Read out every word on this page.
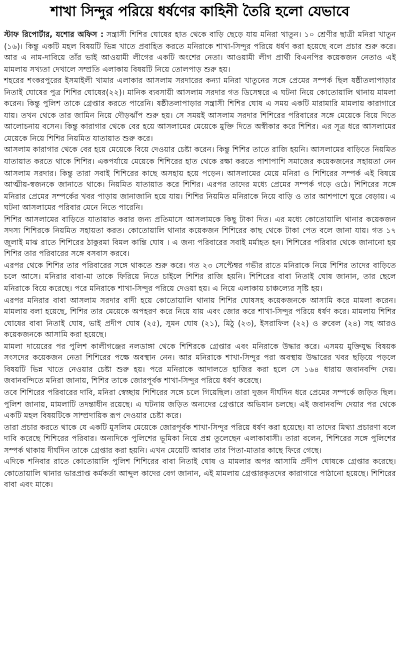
শাখা সিন্দুর পরিয়ে ধর্ষণের কাহিনী তৈরি হলো যেভাবে

স্টাফ রিপোর্টার, যশোর অফিস : সন্ত্রাসী শিশির ঘোষের হাত থেকে বাড়ি ছেড়ে যায় মনিরা খাতুন। ১০ শ্রেণীর ছাত্রী মনিরা খাতুন (১৬)। কিন্তু একটি মহল বিষয়টি ভিন্ন খাতে প্রবাহিত করতে মনিরাকে শাখা-সিন্দুর পরিয়ে ধর্ষণ করা হয়েছে বলে প্রচার শুরু করে। আর এ নাম-দাবিয়ে তাঁর ভাই আওয়ামী লীগের একটি অংশের নেতা। আওয়ামী লীগ প্রার্থী বিএনপির কয়েকজন নেতাও এই মামলায় সখ্যতা দেখালে সম্প্রতি এলাকায় বিষয়টি নিয়ে তোলপাড় শুরু হয়।

শহরের শংকরপুরের ইসমাইলী খামার এলাকার আসলাম সরদারের কন্যা মনিরা খাতুনের সঙ্গে প্রেমের সম্পর্ক ছিল ষষ্ঠীতলাপাড়ার নিতাই ঘোষের পুত্র শিশির ঘোষের(২২)। মানিক ব্যবসায়ী আসলাম সরদার গত ডিসেম্বরে এ ঘটনা নিয়ে কোতোয়ালি থানায় মামলা করেন। কিন্তু পুলিশ তাকে গ্রেপ্তার করতে পারেনি। ষষ্ঠীতলাপাড়ার সন্ত্রাসী শিশির ঘোষ এ সময় একটি মারামারি মামলায় কারাগারে যায়। তখন থেকে তার জামিন নিয়ে দৌড়ঝাঁপ শুরু হয়। সে সময়ই আসলাম সরদার শিশিরের পরিবারের সঙ্গে মেয়েকে বিয়ে দিতে আলোচনায় বসেন। কিন্তু কারাগার থেকে বের হয়ে আসলামের মেয়েকে মুক্তি দিতে অস্বীকার করে শিশির। এর সূত্র ধরে আসলামের মেয়েকে নিয়ে শিশির নিয়মিত যাতায়াত শুরু করে।

আসলাম কারাগার থেকে বের হয়ে মেয়েকে বিয়ে দেওয়ার চেষ্টা করেন। কিন্তু শিশির তাতে রাজি হয়নি। আসলামের বাড়িতে নিয়মিত যাতায়াত করতে থাকে শিশির। একপর্যায়ে মেয়েকে শিশিরের হাত থেকে রক্ষা করতে পাশাপাশি সমাজের কয়েকজনের সহায়তা নেন আসলাম সরদার। কিন্তু তারা সবাই শিশিরের কাছে অসহায় হয়ে পড়েন। আসলামের মেয়ে মনিরা ও শিশিরের সম্পর্ক এই বিষয়ে আত্মীয়-স্বজনকে জানাতে থাকে। নিয়মিত যাতায়াত করে শিশির। এরপর তাদের মধ্যে প্রেমের সম্পর্ক গড়ে ওঠে। শিশিরের সঙ্গে মনিরার প্রেমের সম্পর্কের খবর পাড়ায় জানাজানি হয়ে যায়। শিশির নিয়মিত মনিরাকে নিয়ে বাড়ি ও তার আশপাশে ঘুরে বেড়ায়। এ ঘটনা আসলামের পরিবার মেনে নিতে পারেনি।

শিশির আসলামের বাড়িতে যাতায়াত করার জন্য প্রতিমাসে আসলামকে কিছু টাকা দিত। এর মধ্যে কোতোয়ালি থানার কয়েকজন সদস্য শিশিরকে নিয়মিত সহায়তা করত। কোতোয়ালি থানার কয়েকজন শিশিরের কাছ থেকে টাকা পেত বলে জানা যায়। গত ১৭ জুলাই মাঝ রাতে শিশিরের ঠাকুরমা বিমল কান্তি ঘোষ । এ জন্য পরিবারের সবাই মর্মাহত হন। শিশিরের পরিবার থেকে জানানো হয় শিশির তার পরিবারের সঙ্গে বসবাস করবে।

এরপর থেকে শিশির তার পরিবারের সঙ্গে থাকতে শুরু করে। গত ২৩ সেপ্টেম্বর গভীর রাতে মনিরাকে নিয়ে শিশির তাদের বাড়িতে চলে আসে। মনিরার বাবা-মা তাকে ফিরিয়ে নিতে চাইলে শিশির রাজি হয়নি। শিশিরের বাবা নিতাই ঘোষ জানান, তার ছেলে মনিরাকে বিয়ে করেছে। পরে মনিরাকে শাখা-সিন্দুর পরিয়ে দেওয়া হয়। এ নিয়ে এলাকায় চাঞ্চল্যের সৃষ্টি হয়।

এরপর মনিরার বাবা আসলাম সরদার বাদী হয়ে কোতোয়ালি থানায় শিশির ঘোষসহ কয়েকজনকে আসামি করে মামলা করেন। মামলায় বলা হয়েছে, শিশির তার মেয়েকে অপহরণ করে নিয়ে যায় এবং জোর করে শাখা-সিন্দুর পরিয়ে ধর্ষণ করে। মামলায় শিশির ঘোষের বাবা নিতাই ঘোষ, ভাই প্রদীপ ঘোষ (২৫), সুমন ঘোষ (২১), মিঠু (২৩), ইসরাফিল (২২) ও রুবেল (২৪) সহ আরও কয়েকজনকে আসামি করা হয়েছে।

মামলা দায়েরের পর পুলিশ কালীগঞ্জের নলডাঙ্গা থেকে শিশিরকে গ্রেপ্তার এবং মনিরাকে উদ্ধার করে। এসময় মুক্তিযুদ্ধ বিষয়ক সংসদের কয়েকজন নেতা শিশিরের পক্ষে অবস্থান নেন। আর মনিরাকে শাখা-সিন্দুর পরা অবস্থায় উদ্ধারের খবর ছড়িয়ে পড়লে বিষয়টি ভিন্ন খাতে নেওয়ার চেষ্টা শুরু হয়। পরে মনিরাকে আদালতে হাজির করা হলে সে ১৬৪ ধারায় জবানবন্দি দেয়। জবানবন্দিতে মনিরা জানায়, শিশির তাকে জোরপূর্বক শাখা-সিন্দুর পরিয়ে ধর্ষণ করেছে।

তবে শিশিরের পরিবারের দাবি, মনিরা স্বেচ্ছায় শিশিরের সঙ্গে চলে গিয়েছিল। তারা দুজন দীর্ঘদিন ধরে প্রেমের সম্পর্কে জড়িত ছিল। পুলিশ জানায়, মামলাটি তদন্তাধীন রয়েছে। এ ঘটনায় জড়িত অন্যদের গ্রেপ্তারে অভিযান চলছে। এই জবানবন্দি দেয়ার পর থেকে একটি মহল বিষয়টিকে সাম্প্রদায়িক রূপ দেওয়ার চেষ্টা করে।

তারা প্রচার করতে থাকে যে একটি মুসলিম মেয়েকে জোরপূর্বক শাখা-সিন্দুর পরিয়ে ধর্ষণ করা হয়েছে। যা তাদের মিথ্যা প্রচারণা বলে দাবি করেছে শিশিরের পরিবার। অন্যদিকে পুলিশের ভূমিকা নিয়ে প্রশ্ন তুলেছেন এলাকাবাসী। তারা বলেন, শিশিরের সঙ্গে পুলিশের সম্পর্ক থাকায় দীর্ঘদিন তাকে গ্রেপ্তার করা হয়নি। এখন মেয়েটি আবার তার পিতা-মাতার কাছে ফিরে গেছে।

এদিকে শনিবার রাতে কোতোয়ালি পুলিশ শিশিরের বাবা নিতাই ঘোষ ও মামলার অপর আসামি প্রদীপ ঘোষকে গ্রেপ্তার করেছে। কোতোয়ালি থানার ভারপ্রাপ্ত কর্মকর্তা আব্দুল কাদের বেগ জানান, এই মামলায় গ্রেপ্তারকৃতদের কারাগারে পাঠানো হয়েছে। শিশিরের বাবা এবং মাকে।
